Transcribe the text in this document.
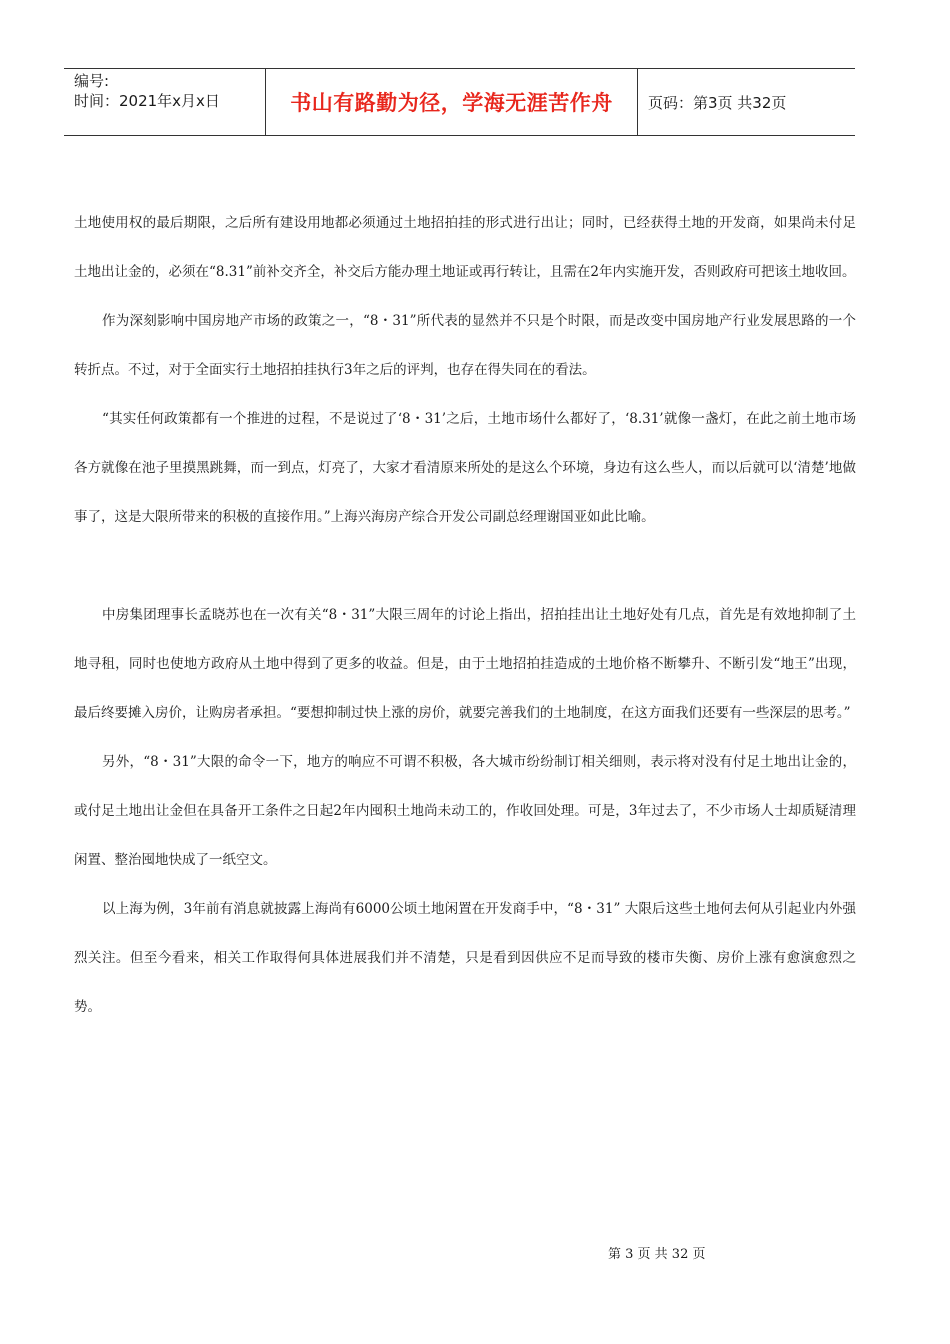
编号:
时间：2021年x月x日	书山有路勤为径，学海无涯苦作舟	页码：第3页 共32页

土地使用权的最后期限，之后所有建设用地都必须通过土地招拍挂的形式进行出让；同时，已经获得土地的开发商，如果尚未付足土地出让金的，必须在“8.31”前补交齐全，补交后方能办理土地证或再行转让，且需在2年内实施开发，否则政府可把该土地收回。

作为深刻影响中国房地产市场的政策之一，“8・31”所代表的显然并不只是个时限，而是改变中国房地产行业发展思路的一个转折点。不过，对于全面实行土地招拍挂执行3年之后的评判，也存在得失同在的看法。

“其实任何政策都有一个推进的过程，不是说过了‘8・31’之后，土地市场什么都好了，‘8.31’就像一盏灯，在此之前土地市场各方就像在池子里摸黑跳舞，而一到点，灯亮了，大家才看清原来所处的是这么个环境，身边有这么些人，而以后就可以‘清楚’地做事了，这是大限所带来的积极的直接作用。”上海兴海房产综合开发公司副总经理谢国亚如此比喻。

中房集团理事长孟晓苏也在一次有关“8・31”大限三周年的讨论上指出，招拍挂出让土地好处有几点，首先是有效地抑制了土地寻租，同时也使地方政府从土地中得到了更多的收益。但是，由于土地招拍挂造成的土地价格不断攀升、不断引发“地王”出现，最后终要摊入房价，让购房者承担。“要想抑制过快上涨的房价，就要完善我们的土地制度，在这方面我们还要有一些深层的思考。”

另外，“8・31”大限的命令一下，地方的响应不可谓不积极，各大城市纷纷制订相关细则，表示将对没有付足土地出让金的，或付足土地出让金但在具备开工条件之日起2年内囤积土地尚未动工的，作收回处理。可是，3年过去了，不少市场人士却质疑清理闲置、整治囤地快成了一纸空文。

以上海为例，3年前有消息就披露上海尚有6000公顷土地闲置在开发商手中，“8・31” 大限后这些土地何去何从引起业内外强烈关注。但至今看来，相关工作取得何具体进展我们并不清楚，只是看到因供应不足而导致的楼市失衡、房价上涨有愈演愈烈之势。

第 3 页 共 32 页
